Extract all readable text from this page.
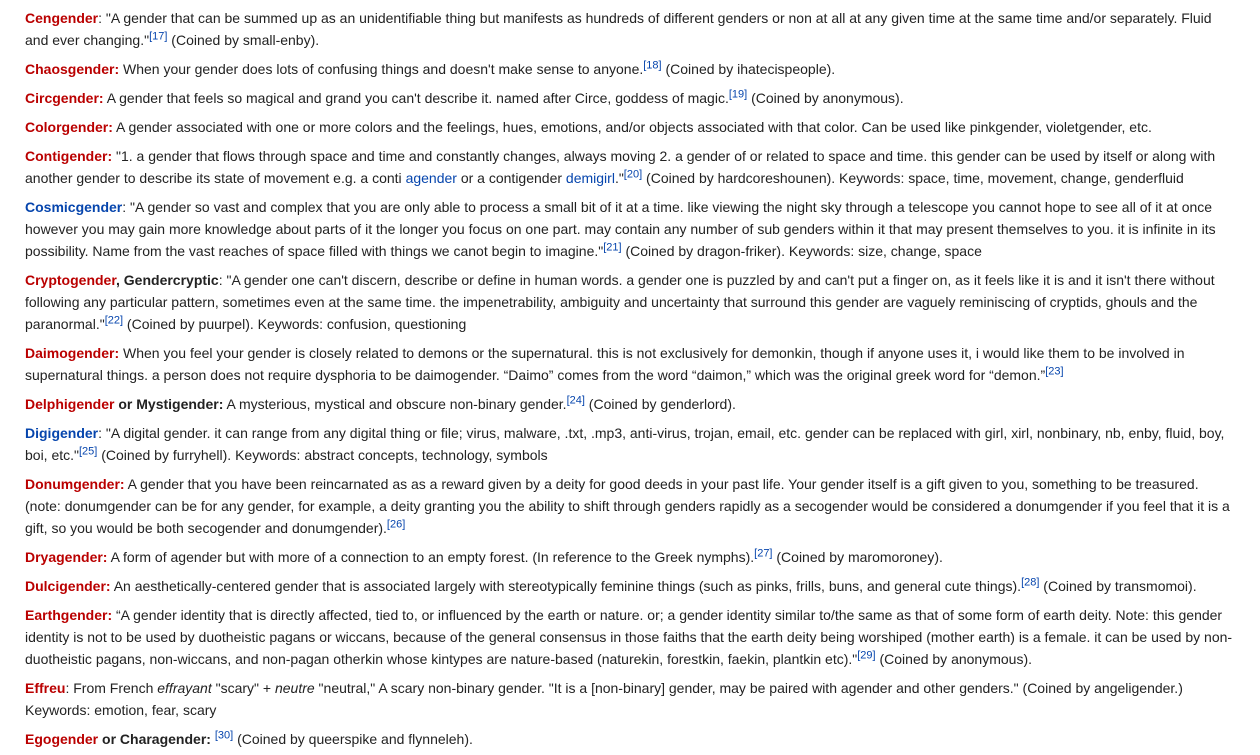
Cengender: "A gender that can be summed up as an unidentifiable thing but manifests as hundreds of different genders or non at all at any given time at the same time and/or separately. Fluid and ever changing."[17] (Coined by small-enby).

Chaosgender: When your gender does lots of confusing things and doesn't make sense to anyone.[18] (Coined by ihatecispeople).

Circgender: A gender that feels so magical and grand you can't describe it. named after Circe, goddess of magic.[19] (Coined by anonymous).

Colorgender: A gender associated with one or more colors and the feelings, hues, emotions, and/or objects associated with that color. Can be used like pinkgender, violetgender, etc.

Contigender: "1. a gender that flows through space and time and constantly changes, always moving 2. a gender of or related to space and time. this gender can be used by itself or along with another gender to describe its state of movement e.g. a conti agender or a contigender demigirl."[20] (Coined by hardcoreshounen). Keywords: space, time, movement, change, genderfluid

Cosmicgender: "A gender so vast and complex that you are only able to process a small bit of it at a time. like viewing the night sky through a telescope you cannot hope to see all of it at once however you may gain more knowledge about parts of it the longer you focus on one part. may contain any number of sub genders within it that may present themselves to you. it is infinite in its possibility. Name from the vast reaches of space filled with things we canot begin to imagine."[21] (Coined by dragon-friker). Keywords: size, change, space

Cryptogender, Gendercryptic: "A gender one can't discern, describe or define in human words. a gender one is puzzled by and can't put a finger on, as it feels like it is and it isn't there without following any particular pattern, sometimes even at the same time. the impenetrability, ambiguity and uncertainty that surround this gender are vaguely reminiscing of cryptids, ghouls and the paranormal."[22] (Coined by puurpel). Keywords: confusion, questioning

Daimogender: When you feel your gender is closely related to demons or the supernatural. this is not exclusively for demonkin, though if anyone uses it, i would like them to be involved in supernatural things. a person does not require dysphoria to be daimogender. “Daimo” comes from the word “daimon,” which was the original greek word for “demon.”[23]

Delphigender or Mystigender: A mysterious, mystical and obscure non-binary gender.[24] (Coined by genderlord).

Digigender: "A digital gender. it can range from any digital thing or file; virus, malware, .txt, .mp3, anti-virus, trojan, email, etc. gender can be replaced with girl, xirl, nonbinary, nb, enby, fluid, boy, boi, etc."[25] (Coined by furryhell). Keywords: abstract concepts, technology, symbols

Donumgender: A gender that you have been reincarnated as as a reward given by a deity for good deeds in your past life. Your gender itself is a gift given to you, something to be treasured. (note: donumgender can be for any gender, for example, a deity granting you the ability to shift through genders rapidly as a secogender would be considered a donumgender if you feel that it is a gift, so you would be both secogender and donumgender).[26]

Dryagender: A form of agender but with more of a connection to an empty forest. (In reference to the Greek nymphs).[27] (Coined by maromoroney).

Dulcigender: An aesthetically-centered gender that is associated largely with stereotypically feminine things (such as pinks, frills, buns, and general cute things).[28] (Coined by transmomoi).

Earthgender: “A gender identity that is directly affected, tied to, or influenced by the earth or nature. or; a gender identity similar to/the same as that of some form of earth deity. Note: this gender identity is not to be used by duotheistic pagans or wiccans, because of the general consensus in those faiths that the earth deity being worshiped (mother earth) is a female. it can be used by non-duotheistic pagans, non-wiccans, and non-pagan otherkin whose kintypes are nature-based (naturekin, forestkin, faekin, plantkin etc)."[29] (Coined by anonymous).

Effreu: From French effrayant "scary" + neutre "neutral," A scary non-binary gender. "It is a [non-binary] gender, may be paired with agender and other genders." (Coined by angeligender.) Keywords: emotion, fear, scary

Egogender or Charagender: [30] (Coined by queerspike and flynneleh).
